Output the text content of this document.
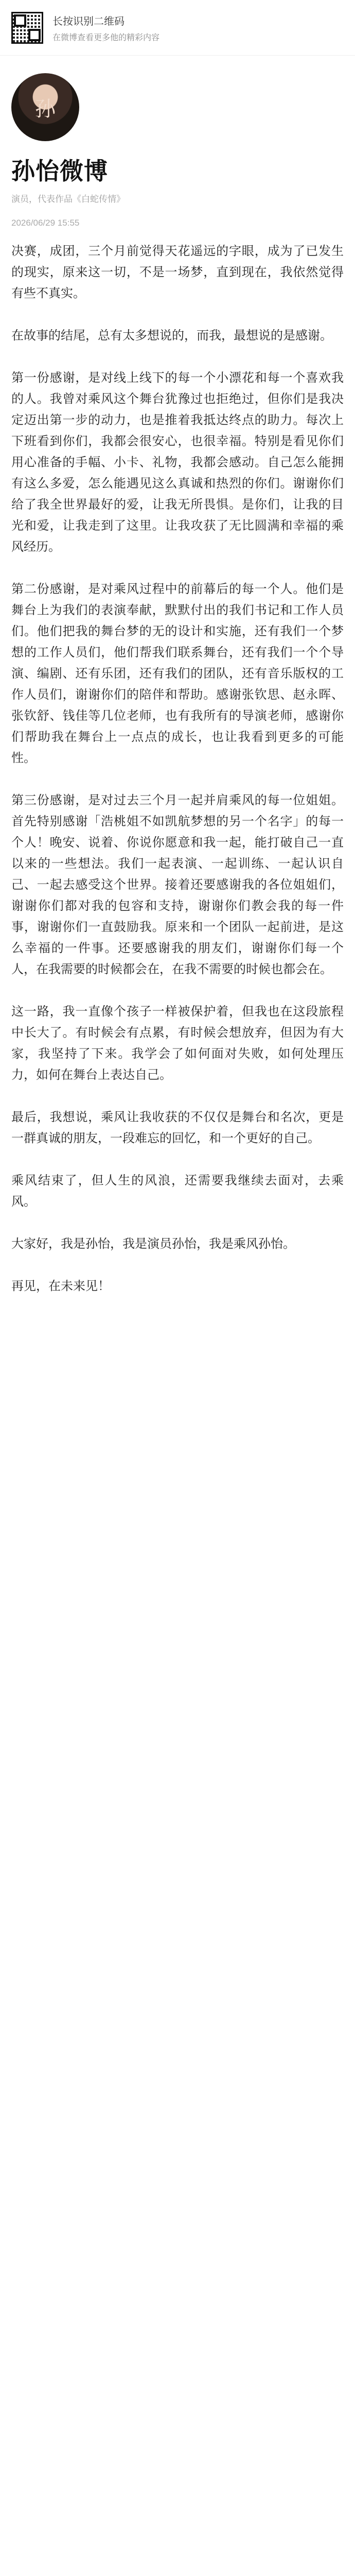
长按识别二维码
在微博查看更多他的精彩内容
孙
孙怡微博
演员，代表作品《白蛇传情》
2026/06/29 15:55

决赛，成团，三个月前觉得天花遥远的字眼，成为了已发生的现实，原来这一切，不是一场梦，直到现在，我依然觉得有些不真实。

在故事的结尾，总有太多想说的，而我，最想说的是感谢。

第一份感谢，是对线上线下的每一个小漂花和每一个喜欢我的人。我曾对乘风这个舞台犹豫过也拒绝过，但你们是我决定迈出第一步的动力，也是推着我抵达终点的助力。每次上下班看到你们，我都会很安心，也很幸福。特别是看见你们用心准备的手幅、小卡、礼物，我都会感动。自己怎么能拥有这么多爱，怎么能遇见这么真诚和热烈的你们。谢谢你们给了我全世界最好的爱，让我无所畏惧。是你们，让我的目光和爱，让我走到了这里。让我攻获了无比圆满和幸福的乘风经历。

第二份感谢，是对乘风过程中的前幕后的每一个人。他们是舞台上为我们的表演奉献，默默付出的我们书记和工作人员们。他们把我的舞台梦的无的设计和实施，还有我们一个梦想的工作人员们，他们帮我们联系舞台，还有我们一个个导演、编剧、还有乐团，还有我们的团队，还有音乐版权的工作人员们，谢谢你们的陪伴和帮助。感谢张钦思、赵永晖、张钦舒、钱佳等几位老师，也有我所有的导演老师，感谢你们帮助我在舞台上一点点的成长，也让我看到更多的可能性。

第三份感谢，是对过去三个月一起并肩乘风的每一位姐姐。首先特别感谢「浩桃姐不如凯航梦想的另一个名字」的每一个人！晚安、说着、你说你愿意和我一起，能打破自己一直以来的一些想法。我们一起表演、一起训练、一起认识自己、一起去感受这个世界。接着还要感谢我的各位姐姐们，谢谢你们都对我的包容和支持，谢谢你们教会我的每一件事，谢谢你们一直鼓励我。原来和一个团队一起前进，是这么幸福的一件事。还要感谢我的朋友们，谢谢你们每一个人，在我需要的时候都会在，在我不需要的时候也都会在。

这一路，我一直像个孩子一样被保护着，但我也在这段旅程中长大了。有时候会有点累，有时候会想放弃，但因为有大家，我坚持了下来。我学会了如何面对失败，如何处理压力，如何在舞台上表达自己。

最后，我想说，乘风让我收获的不仅仅是舞台和名次，更是一群真诚的朋友，一段难忘的回忆，和一个更好的自己。

乘风结束了，但人生的风浪，还需要我继续去面对，去乘风。

大家好，我是孙怡，我是演员孙怡，我是乘风孙怡。

再见，在未来见！
